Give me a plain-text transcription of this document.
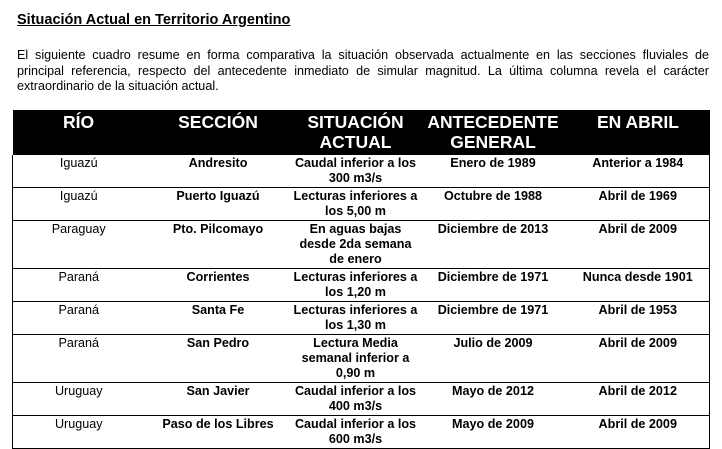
Situación Actual en Territorio Argentino

El siguiente cuadro resume en forma comparativa la situación observada actualmente en las secciones fluviales de principal referencia, respecto del antecedente inmediato de simular magnitud. La última columna revela el carácter extraordinario de la situación actual.

RÍO	SECCIÓN	SITUACIÓN ACTUAL	ANTECEDENTE GENERAL	EN ABRIL
Iguazú	Andresito	Caudal inferior a los 300 m3/s	Enero de 1989	Anterior a 1984
Iguazú	Puerto Iguazú	Lecturas inferiores a los 5,00 m	Octubre de 1988	Abril de 1969
Paraguay	Pto. Pilcomayo	En aguas bajas desde 2da semana de enero	Diciembre de 2013	Abril de 2009
Paraná	Corrientes	Lecturas inferiores a los 1,20 m	Diciembre de 1971	Nunca desde 1901
Paraná	Santa Fe	Lecturas inferiores a los 1,30 m	Diciembre de 1971	Abril de 1953
Paraná	San Pedro	Lectura Media semanal inferior a 0,90 m	Julio de 2009	Abril de 2009
Uruguay	San Javier	Caudal inferior a los 400 m3/s	Mayo de 2012	Abril de 2012
Uruguay	Paso de los Libres	Caudal inferior a los 600 m3/s	Mayo de 2009	Abril de 2009
